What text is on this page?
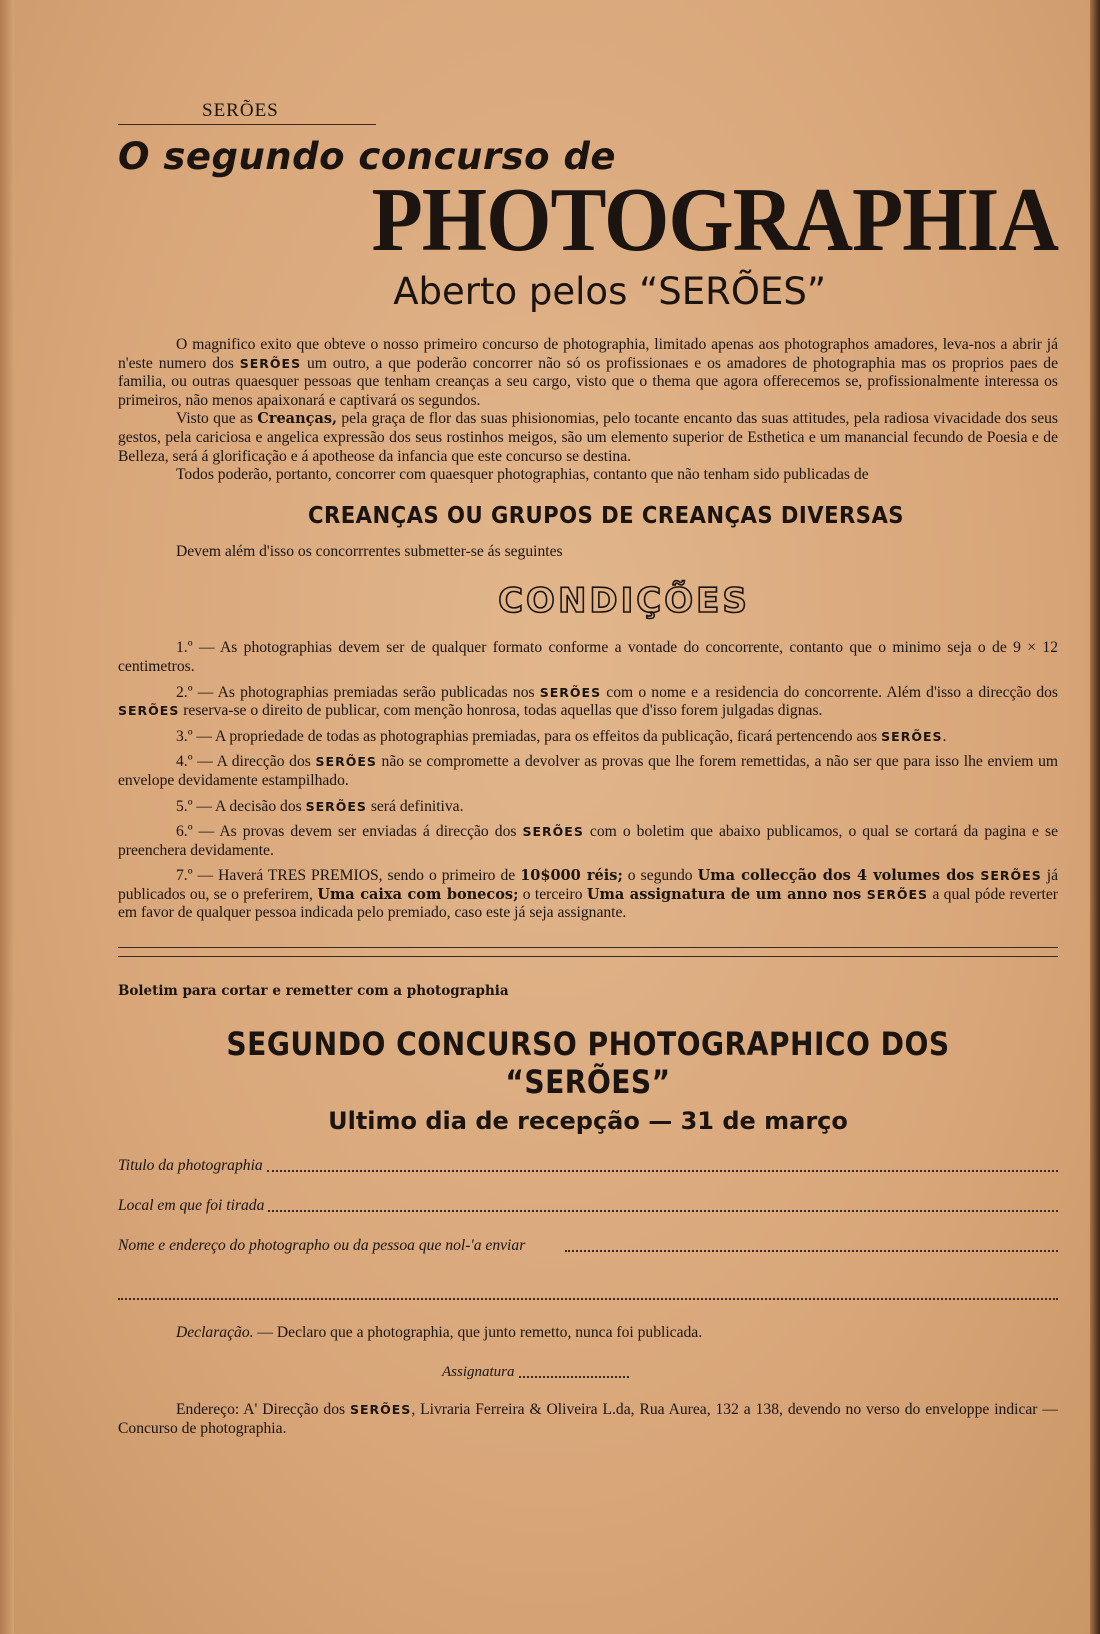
SERÕES
O segundo concurso de
PHOTOGRAPHIA
Aberto pelos “SERÕES”

O magnifico exito que obteve o nosso primeiro concurso de photographia, limitado apenas aos photographos amadores, leva-nos a abrir já n'este numero dos SERÕES um outro, a que poderão concorrer não só os profissionaes e os amadores de photographia mas os proprios paes de familia, ou outras quaesquer pessoas que tenham creanças a seu cargo, visto que o thema que agora offerecemos se, profissionalmente interessa os primeiros, não menos apaixonará e captivará os segundos.

Visto que as Creanças, pela graça de flor das suas phisionomias, pelo tocante encanto das suas attitudes, pela radiosa vivacidade dos seus gestos, pela cariciosa e angelica expressão dos seus rostinhos meigos, são um elemento superior de Esthetica e um manancial fecundo de Poesia e de Belleza, será á glorificação e á apotheose da infancia que este concurso se destina.

Todos poderão, portanto, concorrer com quaesquer photographias, contanto que não tenham sido publicadas de

CREANÇAS OU GRUPOS DE CREANÇAS DIVERSAS

Devem além d'isso os concorrrentes submetter-se ás seguintes

CONDIÇÕES

1.º — As photographias devem ser de qualquer formato conforme a vontade do concorrente, contanto que o minimo seja o de 9 × 12 centimetros.

2.º — As photographias premiadas serão publicadas nos SERÕES com o nome e a residencia do concorrente. Além d'isso a direcção dos SERÕES reserva-se o direito de publicar, com menção honrosa, todas aquellas que d'isso forem julgadas dignas.

3.º — A propriedade de todas as photographias premiadas, para os effeitos da publicação, ficará pertencendo aos SERÕES.

4.º — A direcção dos SERÕES não se compromette a devolver as provas que lhe forem remettidas, a não ser que para isso lhe enviem um envelope devidamente estampilhado.

5.º — A decisão dos SERÕES será definitiva.

6.º — As provas devem ser enviadas á direcção dos SERÕES com o boletim que abaixo publicamos, o qual se cortará da pagina e se preenchera devidamente.

7.º — Haverá TRES PREMIOS, sendo o primeiro de 10$000 réis; o segundo Uma collecção dos 4 volumes dos SERÕES já publicados ou, se o preferirem, Uma caixa com bonecos; o terceiro Uma assignatura de um anno nos SERÕES a qual póde reverter em favor de qualquer pessoa indicada pelo premiado, caso este já seja assignante.

Boletim para cortar e remetter com a photographia
SEGUNDO CONCURSO PHOTOGRAPHICO DOS “SERÕES”
Ultimo dia de recepção — 31 de março
Titulo da photographia
Local em que foi tirada
Nome e endereço do photographo ou da pessoa que nol-'a enviar
Declaração. — Declaro que a photographia, que junto remetto, nunca foi publicada.
Assignatura

Endereço: A' Direcção dos SERÕES, Livraria Ferreira & Oliveira L.da, Rua Aurea, 132 a 138, devendo no verso do enveloppe indicar — Concurso de photographia.
